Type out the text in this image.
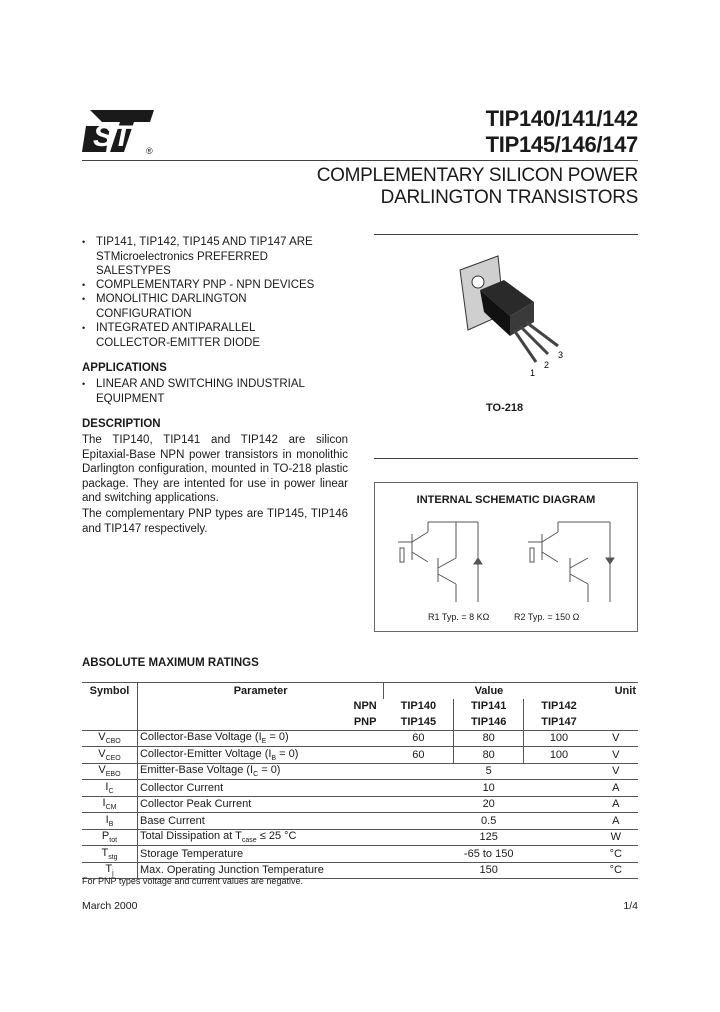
ST ®
TIP140/141/142
TIP145/146/147
COMPLEMENTARY SILICON POWER
DARLINGTON TRANSISTORS
• TIP141, TIP142, TIP145 AND TIP147 ARE
STMicroelectronics PREFERRED
SALESTYPES
• COMPLEMENTARY PNP - NPN DEVICES
• MONOLITHIC DARLINGTON
CONFIGURATION
• INTEGRATED ANTIPARALLEL
COLLECTOR-EMITTER DIODE
APPLICATIONS
• LINEAR AND SWITCHING INDUSTRIAL
EQUIPMENT
DESCRIPTION
The TIP140, TIP141 and TIP142 are silicon Epitaxial-Base NPN power transistors in monolithic Darlington configuration, mounted in TO-218 plastic package. They are intented for use in power linear and switching applications.
The complementary PNP types are TIP145, TIP146 and TIP147 respectively.
1
2
3
TO-218
INTERNAL SCHEMATIC DIAGRAM
R1 Typ. = 8 KΩ	R2 Typ. = 150 Ω
ABSOLUTE MAXIMUM RATINGS
Symbol	Parameter		Value			Unit
		NPN	TIP140	TIP141	TIP142	
		PNP	TIP145	TIP146	TIP147	
$V_{CBO}$	Collector-Base Voltage $(I_E = 0)$		60	80	100	V
$V_{CEO}$	Collector-Emitter Voltage $(I_B = 0)$		60	80	100	V
$V_{EBO}$	Emitter-Base Voltage $(I_C = 0)$		5			V
$I_C$	Collector Current		10			A
$I_{CM}$	Collector Peak Current		20			A
$I_B$	Base Current		0.5			A
$P_{tot}$	Total Dissipation at $T_{case} \le 25$ °C		125			W
$T_{stg}$	Storage Temperature		-65 to 150			°C
$T_j$	Max. Operating Junction Temperature		150			°C
For PNP types voltage and current values are negative.
March 2000	1/4
